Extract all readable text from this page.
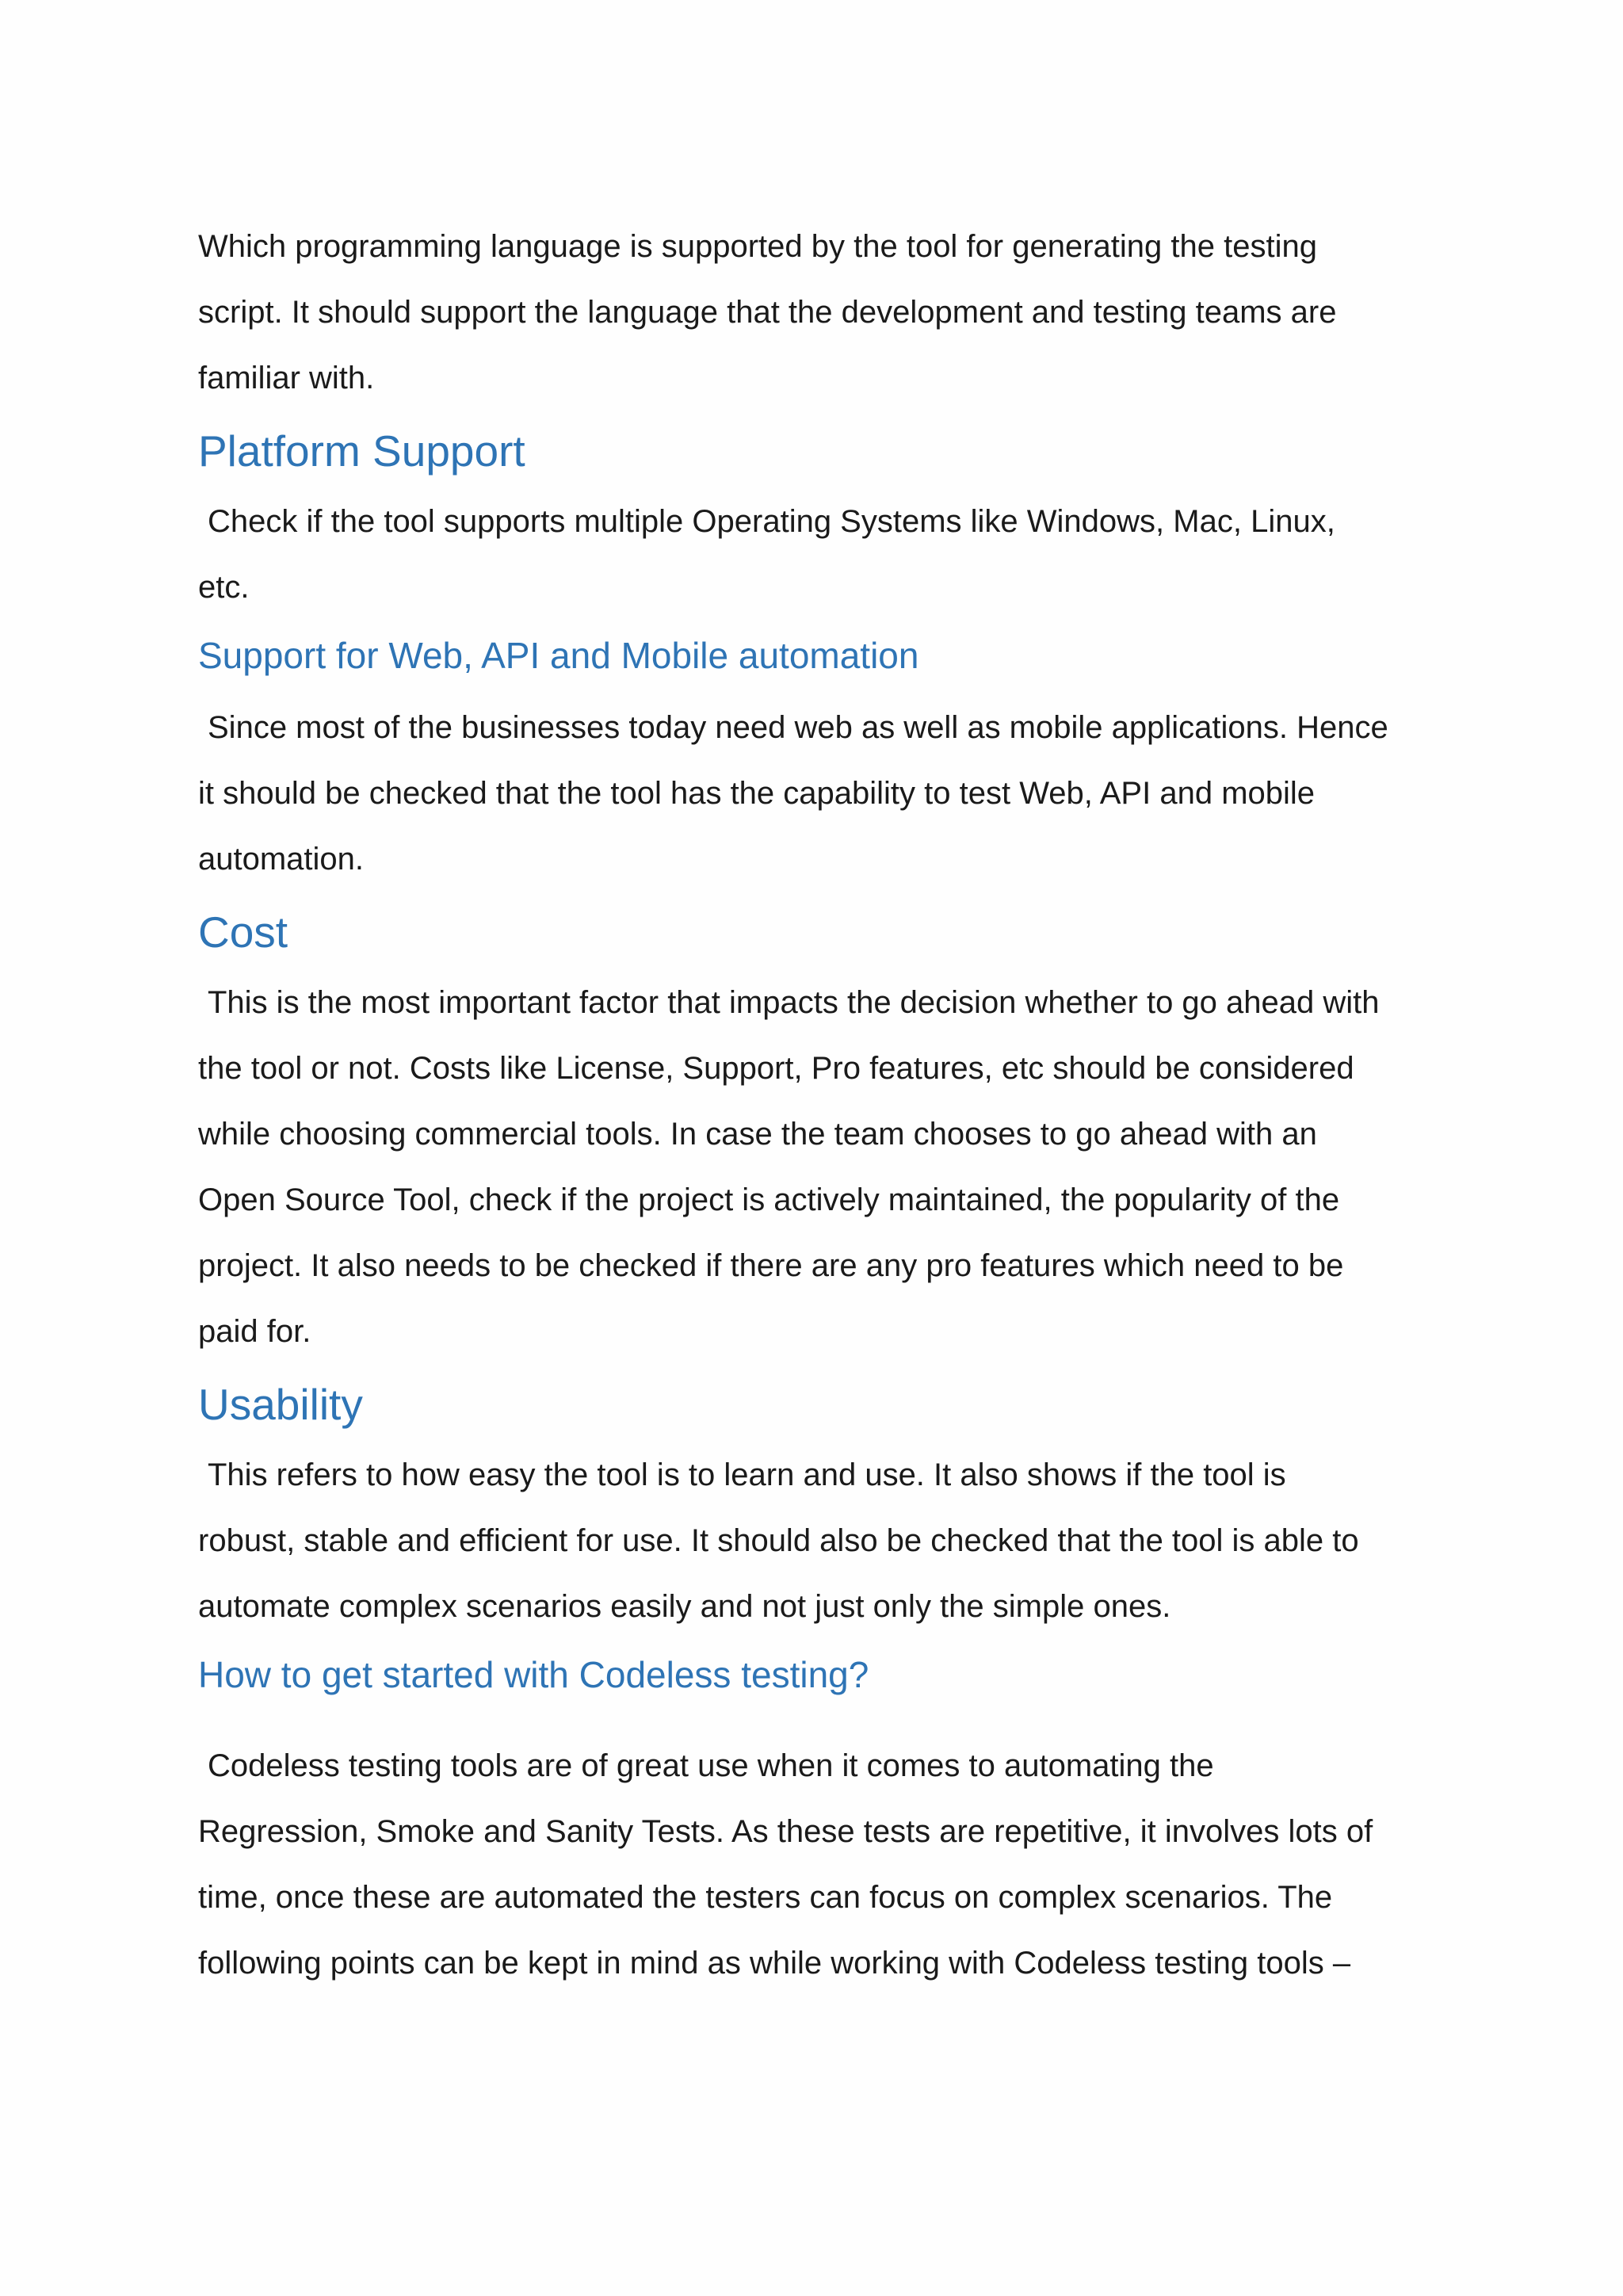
Which programming language is supported by the tool for generating the testing

script. It should support the language that the development and testing teams are

familiar with.

Platform Support

Check if the tool supports multiple Operating Systems like Windows, Mac, Linux,

etc.

Support for Web, API and Mobile automation

Since most of the businesses today need web as well as mobile applications. Hence

it should be checked that the tool has the capability to test Web, API and mobile

automation.

Cost

This is the most important factor that impacts the decision whether to go ahead with

the tool or not. Costs like License, Support, Pro features, etc should be considered

while choosing commercial tools. In case the team chooses to go ahead with an

Open Source Tool, check if the project is actively maintained, the popularity of the

project. It also needs to be checked if there are any pro features which need to be

paid for.

Usability

This refers to how easy the tool is to learn and use. It also shows if the tool is

robust, stable and efficient for use. It should also be checked that the tool is able to

automate complex scenarios easily and not just only the simple ones.

How to get started with Codeless testing?

Codeless testing tools are of great use when it comes to automating the

Regression, Smoke and Sanity Tests. As these tests are repetitive, it involves lots of

time, once these are automated the testers can focus on complex scenarios. The

following points can be kept in mind as while working with Codeless testing tools –
